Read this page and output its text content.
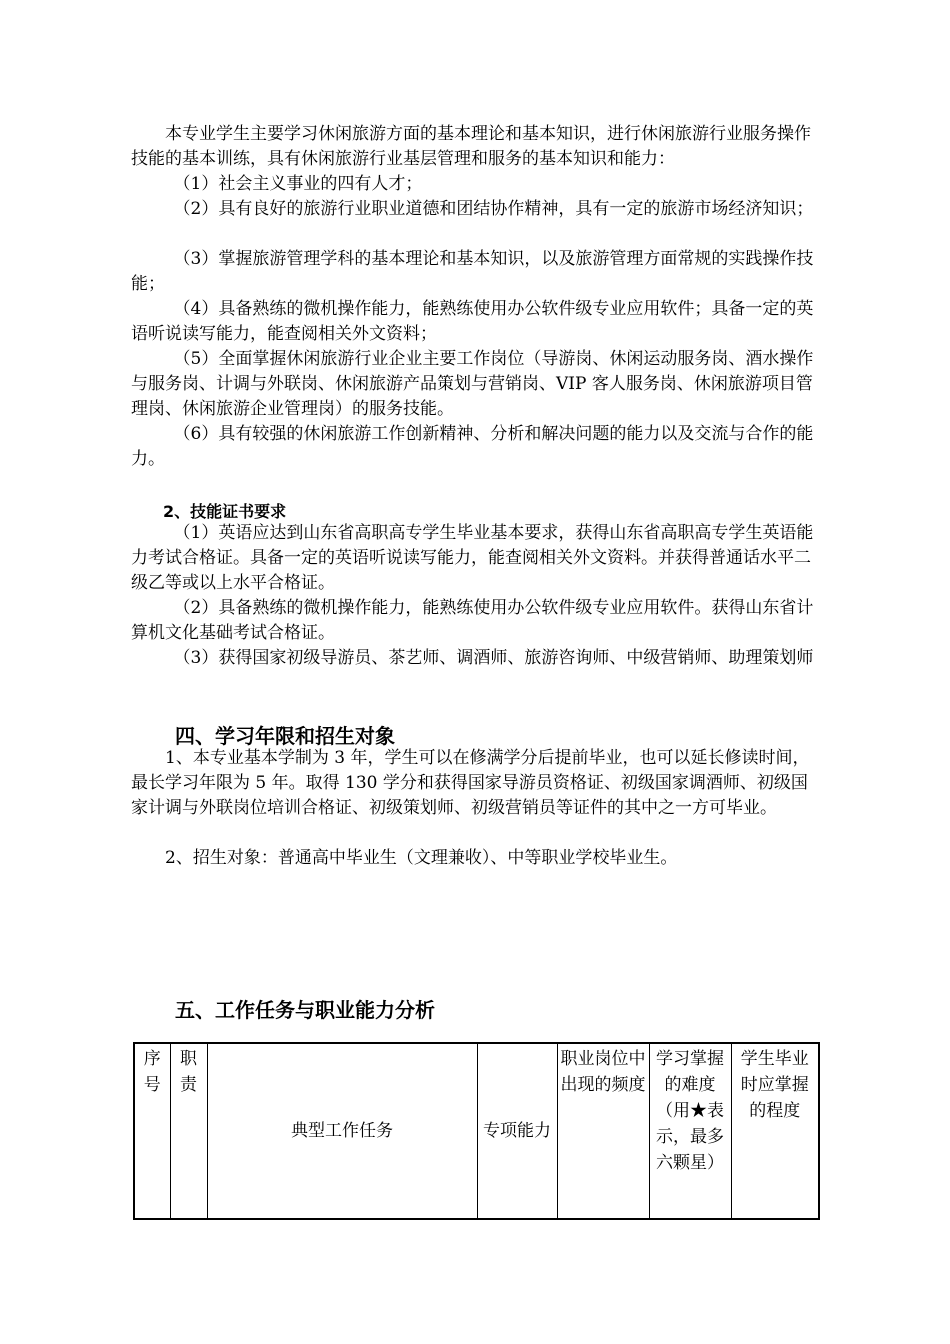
本专业学生主要学习休闲旅游方面的基本理论和基本知识，进行休闲旅游行业服务操作技能的基本训练，具有休闲旅游行业基层管理和服务的基本知识和能力：

（1）社会主义事业的四有人才；

（2）具有良好的旅游行业职业道德和团结协作精神，具有一定的旅游市场经济知识；

（3）掌握旅游管理学科的基本理论和基本知识，以及旅游管理方面常规的实践操作技能；

（4）具备熟练的微机操作能力，能熟练使用办公软件级专业应用软件；具备一定的英语听说读写能力，能查阅相关外文资料；

（5）全面掌握休闲旅游行业企业主要工作岗位（导游岗、休闲运动服务岗、酒水操作与服务岗、计调与外联岗、休闲旅游产品策划与营销岗、VIP 客人服务岗、休闲旅游项目管理岗、休闲旅游企业管理岗）的服务技能。

（6）具有较强的休闲旅游工作创新精神、分析和解决问题的能力以及交流与合作的能力。

2、技能证书要求

（1）英语应达到山东省高职高专学生毕业基本要求，获得山东省高职高专学生英语能力考试合格证。具备一定的英语听说读写能力，能查阅相关外文资料。并获得普通话水平二级乙等或以上水平合格证。

（2）具备熟练的微机操作能力，能熟练使用办公软件级专业应用软件。获得山东省计算机文化基础考试合格证。

（3）获得国家初级导游员、茶艺师、调酒师、旅游咨询师、中级营销师、助理策划师

四、学习年限和招生对象

1、本专业基本学制为 3 年，学生可以在修满学分后提前毕业，也可以延长修读时间，最长学习年限为 5 年。取得 130 学分和获得国家导游员资格证、初级国家调酒师、初级国家计调与外联岗位培训合格证、初级策划师、初级营销员等证件的其中之一方可毕业。

2、招生对象：普通高中毕业生（文理兼收）、中等职业学校毕业生。

五、工作任务与职业能力分析
序号	职责	典型工作任务	专项能力	职业岗位中出现的频度	学习掌握的难度（用★表示，最多六颗星）	学生毕业时应掌握的程度
